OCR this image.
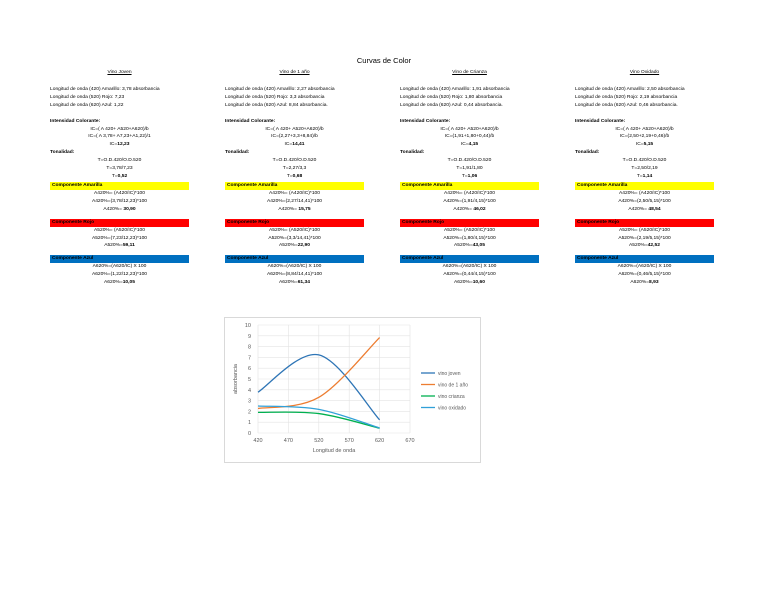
Curvas de Color
Vino Joven
Longitud de onda (420) Amarillo: 3,78 absorbancia
Longitud de onda (520) Rojo: 7,23
Longitud de onda (620) Azul: 1,22
Intensidad Colorante:
IC=( A 420+ A520+A620)/b
IC=( A 3,78+ A7,23+A1,22)/1
IC=12,23
Tonalidad:
T=O.D.420/O.D.520
T=3,78/7,23
T=0,52
Componente Amarilla
A420%= (A420/IC)*100
A420%=(3,78/12,23)*100
A420%= 30,90
Componente Rojo
A520%= (A520/IC)*100
A520%=(7,23/12,23)*100
A520%=59,11
Componente Azul
A620%=(A620/IC) X 100
A620%=(1,22/12,23)*100
A620%=10,05
Vino de 1 año
Longitud de onda (420) Amarillo: 2,27 absorbancia
Longitud de onda (520) Rojo: 3,3 absorbancia
Longitud de onda (620) Azul: 8,84 absorbancia.
Intensidad Colorante:
IC=( A 420+ A520+A620)/b
IC=(2,27+3,3+8,84)/b
IC=14,41
Tonalidad:
T=O.D.420/O.D.520
T=2,27/3,3
T=0,68
Componente Amarilla
A420%= (A420/IC)*100
A420%=(2,27/14,41)*100
A420%= 15,75
Componente Rojo
A520%= (A520/IC)*100
A520%=(3,3/14,41)*100
A520%=22,90
Componente Azul
A620%=(A620/IC) X 100
A620%=(8,84/14,41)*100
A620%=61,34
Vino de Crianza
Longitud de onda (420) Amarillo: 1,91 absorbancia
Longitud de onda (520) Rojo: 1,80 absorbancia
Longitud de onda (620) Azul: 0,44 absorbancia.
Intensidad Colorante:
IC=( A 420+ A520+A620)/b
IC=(1,91+1,80+0,44)/b
IC=4,15
Tonalidad:
T=O.D.420/O.D.520
T=1,91/1,80
T=1,06
Componente Amarilla
A420%= (A420/IC)*100
A420%=(1,91/4,15)*100
A420%= 46,02
Componente Rojo
A520%= (A520/IC)*100
A520%=(1,80/4,15)*100
A520%=43,05
Componente Azul
A620%=(A620/IC) X 100
A620%=(0,44/4,15)*100
A620%=10,60
Vino Oxidado
Longitud de onda (420) Amarillo: 2,50 absorbancia
Longitud de onda (520) Rojo: 2,19 absorbancia
Longitud de onda (620) Azul: 0,46 absorbancia.
Intensidad Colorante:
IC=( A 420+ A520+A620)/b
IC=(2,50+2,19+0,46)/b
IC=5,15
Tonalidad:
T=O.D.420/O.D.520
T=2,50/2,19
T=1,14
Componente Amarilla
A420%= (A420/IC)*100
A420%=(2,50/5,15)*100
A420%= 48,54
Componente Rojo
A520%= (A520/IC)*100
A520%=(2,19/5,15)*100
A520%=42,52
Componente Azul
A620%=(A620/IC) X 100
A620%=(0,46/5,15)*100
A620%=8,93
0
1
2
3
4
5
6
7
8
9
10
420	470	520	570	620	670
Longitud de onda
absorbancia	vino joven
vino de 1 año
vino crianza
vino oxidado
